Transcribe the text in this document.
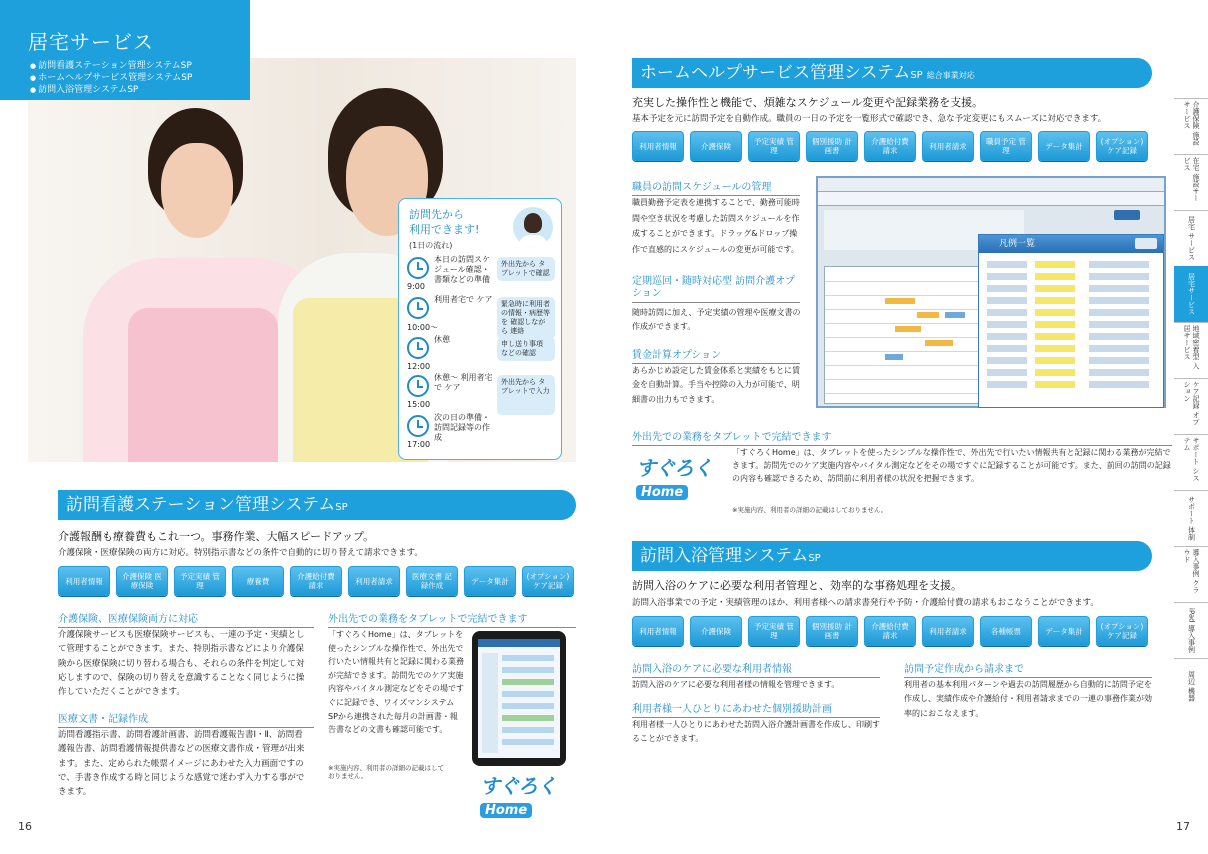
居宅サービス
● 訪問看護ステーション管理システムSP
● ホームヘルプサービス管理システムSP
● 訪問入浴管理システムSP
訪問先から
利用できます!
(1日の流れ)
9:00
本日の訪問スケジュール確認・書類などの準備
外出先から タブレットで確認
10:00～
利用者宅で ケア	緊急時に利用者の情報・病歴等を 確認しながら 連絡
12:00
休憩	申し送り事項 などの確認
15:00
休憩～ 利用者宅で ケア
外出先から タブレットで入力
17:00
次の日の準備・訪問記録等の作成
訪問看護ステーション管理システムSP
介護報酬も療養費もこれ一つ。事務作業、大幅スピードアップ。
介護保険・医療保険の両方に対応。特別指示書などの条件で自動的に切り替えて請求できます。
利用者情報	介護保険 医療保険
予定実績 管理	療養費	介護給付費 請求	利用者請求	医療文書 記録作成	データ集計	(オプション) ケア記録
介護保険、医療保険両方に対応
介護保険サービスも医療保険サービスも、一連の予定・実績として管理することができます。また、特別指示書などにより介護保険から医療保険に切り替わる場合も、それらの条件を判定して対応しますので、保険の切り替えを意識することなく同じように操作していただくことができます。
医療文書・記録作成
訪問看護指示書、訪問看護計画書、訪問看護報告書Ⅰ・Ⅱ、訪問看護報告書、訪問看護情報提供書などの医療文書作成・管理が出来ます。また、定められた帳票イメージにあわせた入力画面ですので、手書き作成する時と同じような感覚で迷わず入力する事ができます。
外出先での業務をタブレットで完結できます
「すぐろくHome」は、タブレットを使ったシンプルな操作性で、外出先で行いたい情報共有と記録に関わる業務が完結できます。訪問先でのケア実施内容やバイタル測定などをその場ですぐに記録でき、ワイズマンシステムSPから連携された毎月の計画書・報告書などの文書も確認可能です。
※実施内容、利用者の詳細の記載はしておりません。	すぐろく
Home
16
ホームヘルプサービス管理システムSP 総合事業対応
充実した操作性と機能で、煩雑なスケジュール変更や記録業務を支援。
基本予定を元に訪問予定を自動作成。職員の一日の予定を一覧形式で確認でき、急な予定変更にもスムーズに対応できます。
利用者情報	介護保険	予定実績 管理
個別援助 計画書
介護給付費 請求	利用者請求	職員予定 管理	データ集計	(オプション) ケア記録
職員の訪問スケジュールの管理
職員勤務予定表を連携することで、勤務可能時間や空き状況を考慮した訪問スケジュールを作成することができます。ドラッグ&ドロップ操作で直感的にスケジュールの変更が可能です。
定期巡回・随時対応型 訪問介護オプション
随時訪問に加え、予定実績の管理や医療文書の作成ができます。
賃金計算オプション
あらかじめ設定した賃金体系と実績をもとに賃金を自動計算。手当や控除の入力が可能で、明細書の出力もできます。
凡例一覧
外出先での業務をタブレットで完結できます
すぐろく
Home
「すぐろくHome」は、タブレットを使ったシンプルな操作性で、外出先で行いたい情報共有と記録に関わる業務が完結できます。訪問先でのケア実施内容やバイタル測定などをその場ですぐに記録することが可能です。また、前回の訪問の記録の内容も確認できるため、訪問前に利用者様の状況を把握できます。
※実施内容、利用者の詳細の記載はしておりません。
訪問入浴管理システムSP
訪問入浴のケアに必要な利用者管理と、効率的な事務処理を支援。
訪問入浴事業での予定・実績管理のほか、利用者様への請求書発行や予防・介護給付費の請求もおこなうことができます。
利用者情報	介護保険	予定実績 管理
個別援助 計画書
介護給付費 請求	利用者請求	各種帳票	データ集計	(オプション) ケア記録
訪問入浴のケアに必要な利用者情報
訪問入浴のケアに必要な利用者様の情報を管理できます。
利用者様一人ひとりにあわせた個別援助計画
利用者様一人ひとりにあわせた訪問入浴介護計画書を作成し、印刷することができます。
訪問予定作成から請求まで
利用者の基本利用パターンや過去の訪問履歴から自動的に訪問予定を作成し、実績作成や介護給付・利用者請求までの一連の事務作業が効率的におこなえます。
介護保険 施設サービス
在宅 施設サービス
居宅 サービス
居宅サービス
地域密着型 入居サービス
ケア記録 オプション
サポート システム
サポート 体制
導入事例 クラウド
iPad 導入事例
周辺 機器
17
